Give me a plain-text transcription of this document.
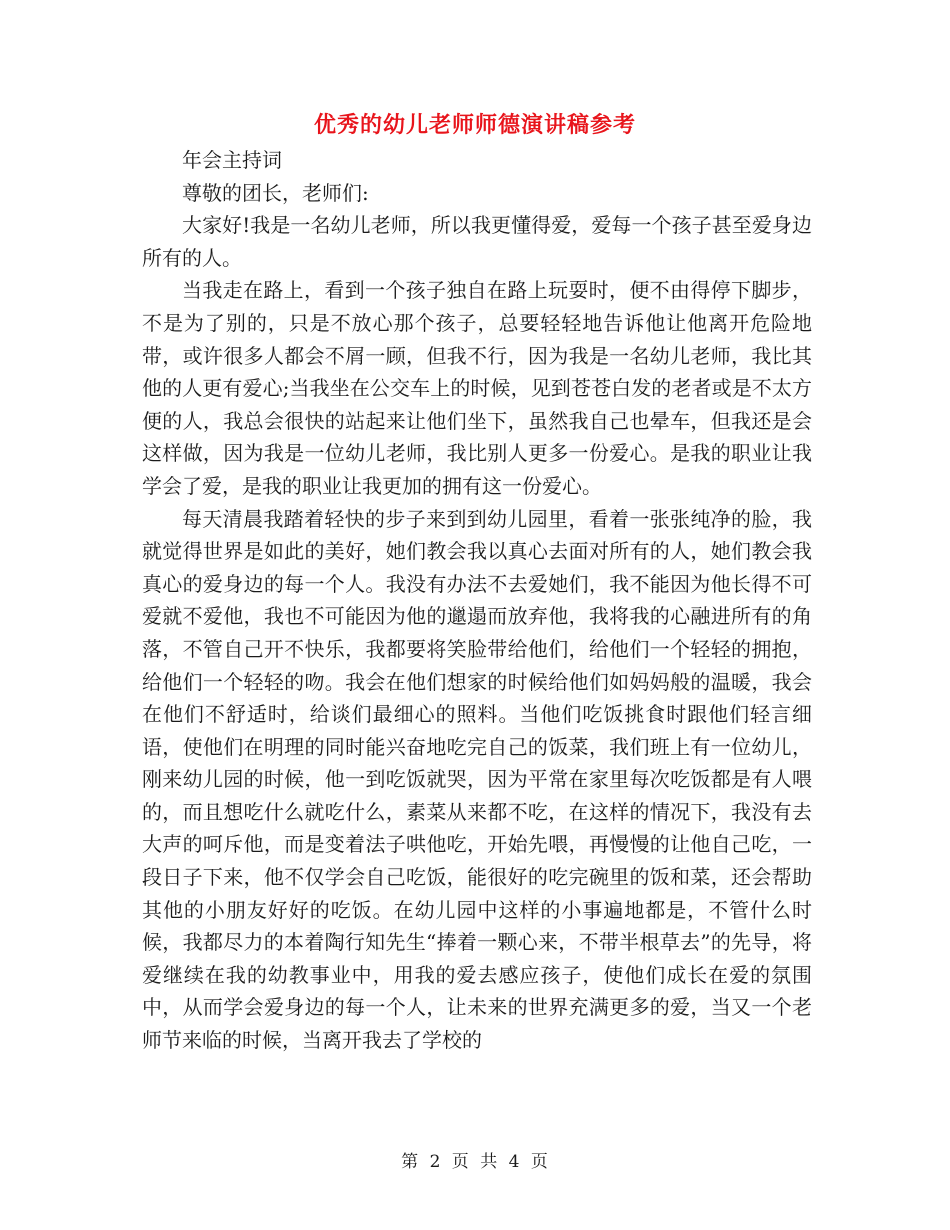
优秀的幼儿老师师德演讲稿参考

年会主持词

尊敬的团长，老师们:

大家好!我是一名幼儿老师，所以我更懂得爱，爱每一个孩子甚至爱身边所有的人。

当我走在路上，看到一个孩子独自在路上玩耍时，便不由得停下脚步，不是为了别的，只是不放心那个孩子，总要轻轻地告诉他让他离开危险地带，或许很多人都会不屑一顾，但我不行，因为我是一名幼儿老师，我比其他的人更有爱心;当我坐在公交车上的时候，见到苍苍白发的老者或是不太方便的人，我总会很快的站起来让他们坐下，虽然我自己也晕车，但我还是会这样做，因为我是一位幼儿老师，我比别人更多一份爱心。是我的职业让我学会了爱，是我的职业让我更加的拥有这一份爱心。

每天清晨我踏着轻快的步子来到到幼儿园里，看着一张张纯净的脸，我就觉得世界是如此的美好，她们教会我以真心去面对所有的人，她们教会我真心的爱身边的每一个人。我没有办法不去爱她们，我不能因为他长得不可爱就不爱他，我也不可能因为他的邋遢而放弃他，我将我的心融进所有的角落，不管自己开不快乐，我都要将笑脸带给他们，给他们一个轻轻的拥抱，给他们一个轻轻的吻。我会在他们想家的时候给他们如妈妈般的温暖，我会在他们不舒适时，给谈们最细心的照料。当他们吃饭挑食时跟他们轻言细语，使他们在明理的同时能兴奋地吃完自己的饭菜，我们班上有一位幼儿，刚来幼儿园的时候，他一到吃饭就哭，因为平常在家里每次吃饭都是有人喂的，而且想吃什么就吃什么，素菜从来都不吃，在这样的情况下，我没有去大声的呵斥他，而是变着法子哄他吃，开始先喂，再慢慢的让他自己吃，一段日子下来，他不仅学会自己吃饭，能很好的吃完碗里的饭和菜，还会帮助其他的小朋友好好的吃饭。在幼儿园中这样的小事遍地都是，不管什么时候，我都尽力的本着陶行知先生“捧着一颗心来，不带半根草去”的先导，将爱继续在我的幼教事业中，用我的爱去感应孩子，使他们成长在爱的氛围中，从而学会爱身边的每一个人，让未来的世界充满更多的爱，当又一个老师节来临的时候，当离开我去了学校的

第 2 页 共 4 页
